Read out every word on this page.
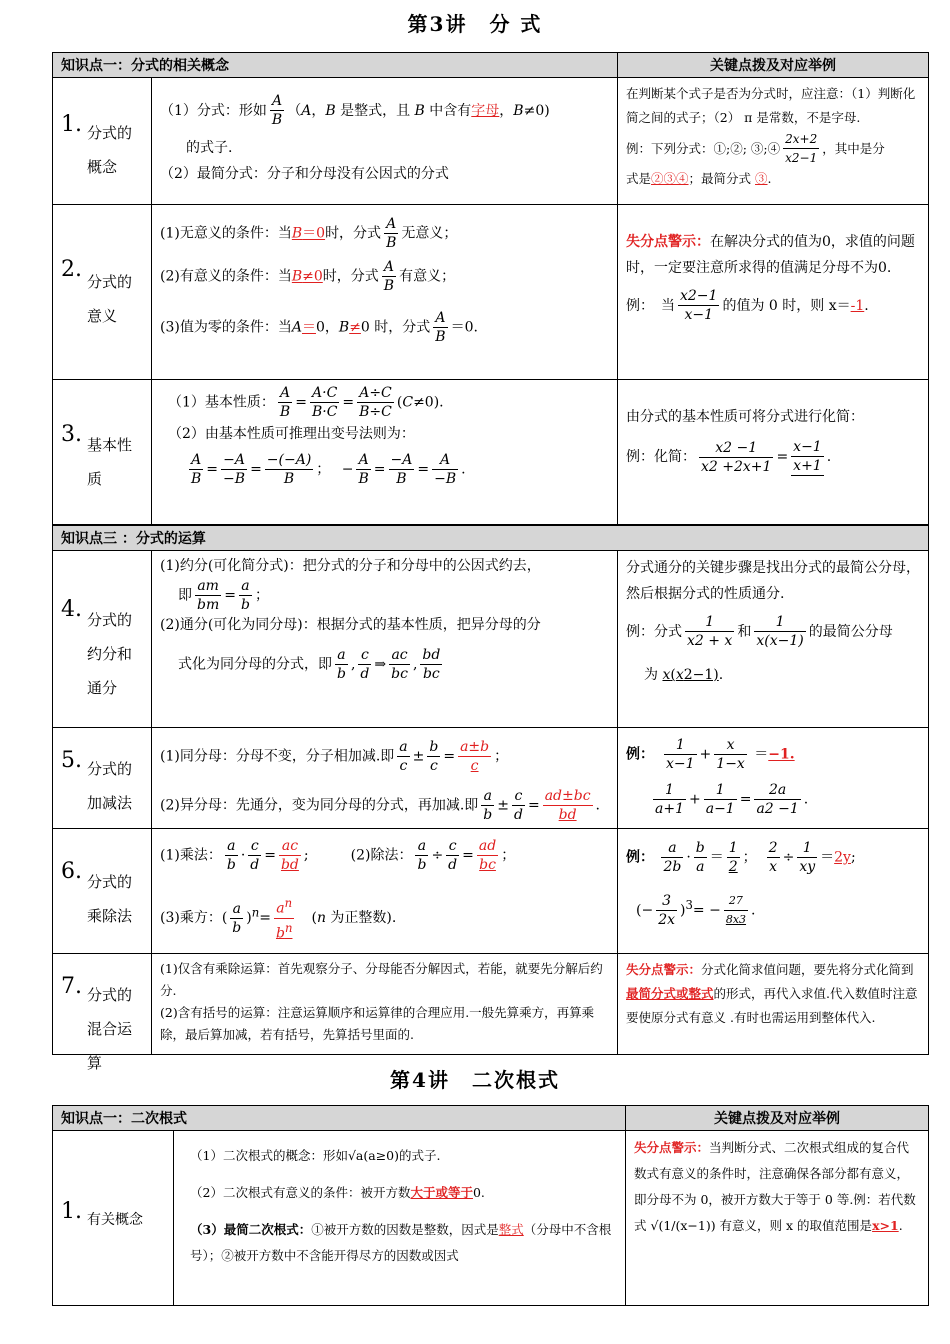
第3讲　分 式
知识点一：分式的相关概念	关键点拨及对应举例
1. 分式的概念
（1）分式：形如
A
B
（A，B 是整式，且 B 中含有 字母 ，B≠0)
的式子.
（2）最简分式：分子和分母没有公因式的分式
在判断某个式子是否为分式时，应注意：（1）判断化简之间的式子；（2） π 是常数，不是字母.
例：下列分式：①;②; ③;④
2x+2
x2−1
，其中是分
式是②③④；最简分式 ③.
2. 分式的意义
(1)无意义的条件：当B＝0时，分式 $\frac{A}{B}$ 无意义；
(2)有意义的条件：当B≠0时，分式 $\frac{A}{B}$ 有意义；
(3)值为零的条件：当A＝0，B≠0 时，分式 $\frac{A}{B} =0$.
失分点警示：在解决分式的值为0，求值的问题时，一定要注意所求得的值满足分母不为0.
例：　当
x2−1
x−1
的值为 0 时，则 x＝ -1 .
3. 基本性质
（1）基本性质： $\frac{A}{B} = \frac{A\cdot C}{B\cdot C} = \frac{A\div C}{B\div C} (C\ne 0)$.
（2）由基本性质可推理出变号法则为：
$\frac{A}{B} = \frac{-A}{-B} = \frac{-(-A)}{B}$ ；　 − $\frac{A}{B} = \frac{-A}{B} = \frac{A}{-B}$ .
由分式的基本性质可将分式进行化简：
例：化简：
x2 −1
x2 +2x+1
=
x−1
x+1
.
知识点三 ：分式的运算
4. 分式的约分和通分
(1)约分(可化简分式)：把分式的分子和分母中的公因式约去，
即 $\frac{am}{bm} = \frac{a}{b}$ ；
(2)通分(可化为同分母)：根据分式的基本性质，把异分母的分
式化为同分母的分式，即 $\frac{a}{b}$ , $\frac{c}{d}$ ⇒ $\frac{ac}{bc}$ , $\frac{bd}{bc}$
分式通分的关键步骤是找出分式的最简公分母，然后根据分式的性质通分.
例：分式
1
x2 + x
和
1
x(x−1)
的最简公分母
为 x(x2−1).
5. 分式的加减法
(1)同分母：分母不变，分子相加减.即 $\frac{a}{c} \pm \frac{b}{c} = \frac{a\pm b}{c}$ ；
(2)异分母：先通分，变为同分母的分式，再加减.即 $\frac{a}{b} \pm \frac{c}{d} = \frac{ad\pm bc}{bd}$ .
例：　 $\frac{1}{x-1} + \frac{x}{1-x} =-1$.
$\frac{1}{a+1} + \frac{1}{a-1} = \frac{2a}{a2 -1}$ .
6. 分式的乘除法
(1)乘法： $\frac{a}{b} \cdot \frac{c}{d} = \frac{ac}{bd}$ ;　　　(2)除法： $\frac{a}{b} \div \frac{c}{d} = \frac{ad}{bc}$ ；
(3)乘方：( $\frac{a}{b} )^n= \frac{a^n}{b^n}$ 　(n 为正整数).
例： $\frac{a}{2b} \cdot \frac{b}{a} = \frac{1}{2}$ ；　 $\frac{2}{x} \div \frac{1}{xy} =2y$;
(− $\frac{3}{2x} )^3= - \frac{27}{8x3}$ .
7. 分式的混合运算
(1)仅含有乘除运算：首先观察分子、分母能否分解因式，若能，就要先分解后约分.
(2)含有括号的运算：注意运算顺序和运算律的合理应用.一般先算乘方，再算乘除，最后算加减，若有括号，先算括号里面的.
失分点警示：分式化简求值问题，要先将分式化简到最简分式或整式的形式，再代入求值.代入数值时注意要使原分式有意义 .有时也需运用到整体代入.
第4讲　二次根式
知识点一：二次根式	关键点拨及对应举例
1. 有关概念
（1）二次根式的概念：形如√a(a≥0)的式子.
（2）二次根式有意义的条件：被开方数大于或等于0.
（3）最简二次根式：①被开方数的因数是整数，因式是整式（分母中不含根号）；②被开方数中不含能开得尽方的因数或因式
失分点警示：当判断分式、二次根式组成的复合代数式有意义的条件时，注意确保各部分都有意义，即分母不为 0，被开方数大于等于 0 等.例：若代数式 √(1/(x−1)) 有意义，则 x 的取值范围是x>1.
